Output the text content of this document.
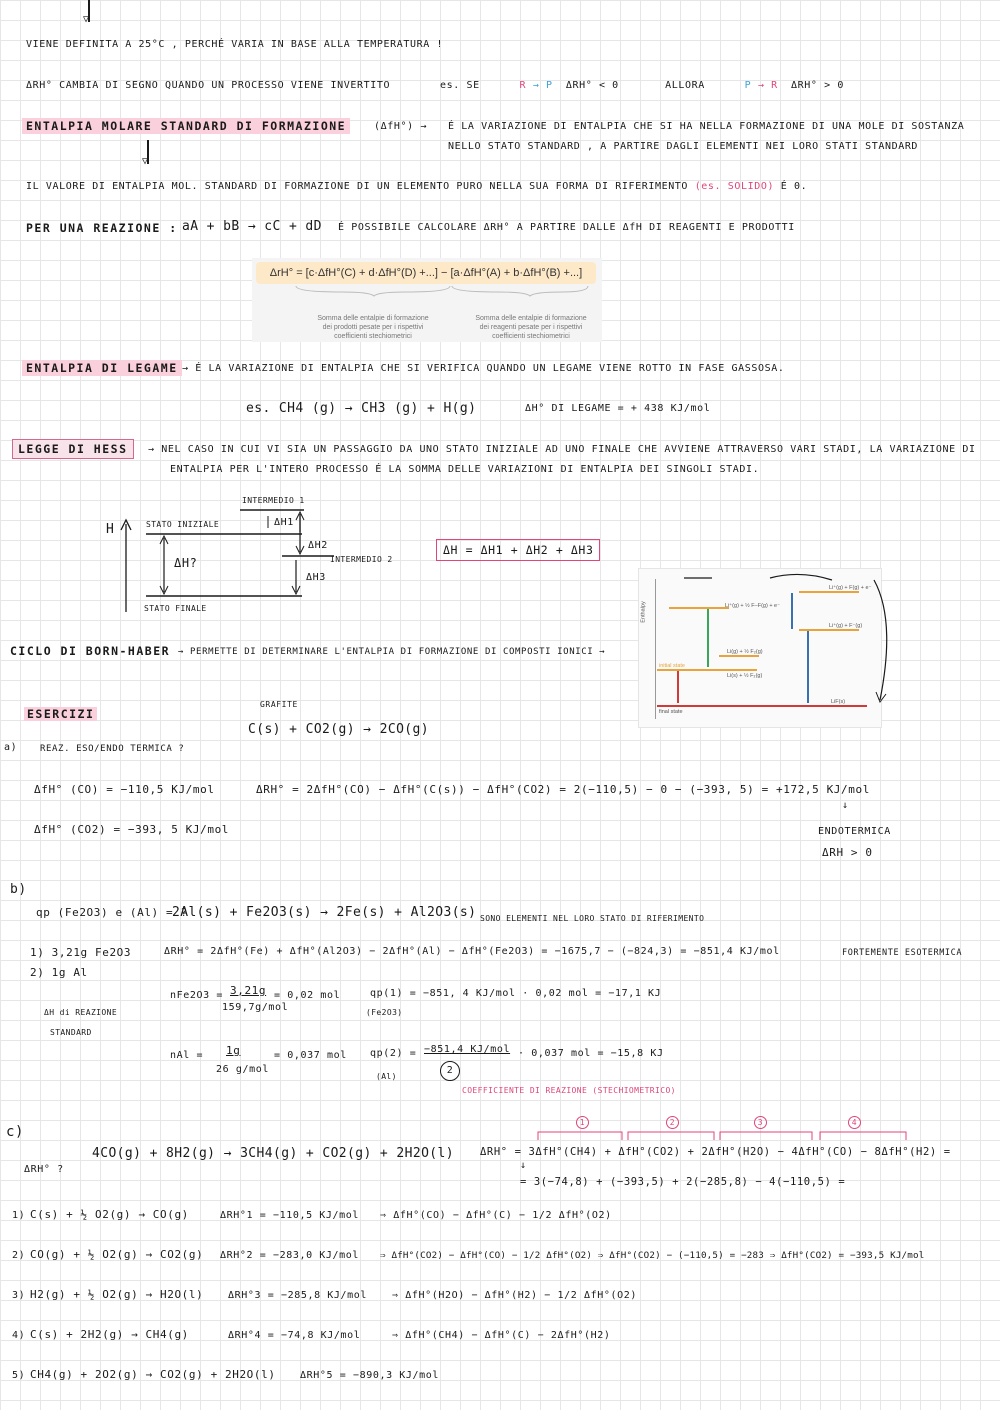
▽
VIENE DEFINITA A 25°C , PERCHÉ VARIA IN BASE ALLA TEMPERATURA !
ΔRH° CAMBIA DI SEGNO QUANDO UN PROCESSO VIENE INVERTITO	es. SE	R → P ΔRH° < 0	ALLORA	P → R ΔRH° > 0
ENTALPIA MOLARE STANDARD DI FORMAZIONE	(ΔfH°) → É LA VARIAZIONE DI ENTALPIA CHE SI HA NELLA FORMAZIONE DI UNA MOLE DI SOSTANZA
NELLO STATO STANDARD , A PARTIRE DAGLI ELEMENTI NEI LORO STATI STANDARD
▽
IL VALORE DI ENTALPIA MOL. STANDARD DI FORMAZIONE DI UN ELEMENTO PURO NELLA SUA FORMA DI RIFERIMENTO (es. SOLIDO) É 0.
PER UNA REAZIONE : aA + bB → cC + dD É POSSIBILE CALCOLARE ΔRH° A PARTIRE DALLE ΔfH DI REAGENTI E PRODOTTI
ΔrH° = [c·ΔfH°(C) + d·ΔfH°(D) +...] − [a·ΔfH°(A) + b·ΔfH°(B) +...]
Somma delle entalpie di formazione
dei prodotti pesate per i rispettivi
coefficienti stechiometrici
Somma delle entalpie di formazione
dei reagenti pesate per i rispettivi
coefficienti stechiometrici
ENTALPIA DI LEGAME → É LA VARIAZIONE DI ENTALPIA CHE SI VERIFICA QUANDO UN LEGAME VIENE ROTTO IN FASE GASSOSA.
es. CH4 (g) → CH3 (g) + H(g)	ΔH° DI LEGAME = + 438 KJ/mol
LEGGE DI HESS	→ NEL CASO IN CUI VI SIA UN PASSAGGIO DA UNO STATO INIZIALE AD UNO FINALE CHE AVVIENE ATTRAVERSO VARI STADI, LA VARIAZIONE DI
ENTALPIA PER L'INTERO PROCESSO É LA SOMMA DELLE VARIAZIONI DI ENTALPIA DEI SINGOLI STADI.
H	STATO INIZIALE
STATO FINALE
INTERMEDIO 1
INTERMEDIO 2
ΔH?
ΔH1
ΔH2
ΔH3
ΔH = ΔH1 + ΔH2 + ΔH3
CICLO DI BORN-HABER → PERMETTE DI DETERMINARE L'ENTALPIA DI FORMAZIONE DI COMPOSTI IONICI →
Enthalpy
Li⁺(g) + F(g) + e⁻
Li⁺(g) + ½ F–F(g) + e⁻
Li⁺(g) + F⁻(g)
Li(g) + ½ F₂(g)
initial state
Li(s) + ½ F₂(g)
final state
LiF(s)
ESERCIZI
GRAFITE
C(s) + CO2(g) → 2CO(g)
a)	REAZ. ESO/ENDO TERMICA ?
ΔfH° (CO) = −110,5 KJ/mol	ΔRH° = 2ΔfH°(CO) − ΔfH°(C(s)) − ΔfH°(CO2) = 2(−110,5) − 0 − (−393, 5) = +172,5 KJ/mol
ΔfH° (CO2) = −393, 5 KJ/mol
↓
ENDOTERMICA
ΔRH > 0
b)
qp (Fe2O3) e (Al) = ?
2Al(s) + Fe2O3(s) → 2Fe(s) + Al2O3(s) SONO ELEMENTI NEL LORO STATO DI RIFERIMENTO
1) 3,21g Fe2O3
2) 1g Al
ΔRH° = 2ΔfH°(Fe) + ΔfH°(Al2O3) − 2ΔfH°(Al) − ΔfH°(Fe2O3) = −1675,7 − (−824,3) = −851,4 KJ/mol	FORTEMENTE ESOTERMICA
ΔH di REAZIONE
STANDARD
nFe2O3 = 3,21g
159,7g/mol
= 0,02 mol	qp(1) = −851, 4 KJ/mol · 0,02 mol = −17,1 KJ
(Fe2O3)
nAl = 1g
26 g/mol
= 0,037 mol qp(2) = −851,4 KJ/mol · 0,037 mol = −15,8 KJ
(Al)
2
COEFFICIENTE DI REAZIONE (STECHIOMETRICO)
c)
ΔRH° ?
4CO(g) + 8H2(g) → 3CH4(g) + CO2(g) + 2H2O(l) ΔRH° = 3ΔfH°(CH4) + ΔfH°(CO2) + 2ΔfH°(H2O) − 4ΔfH°(CO) − 8ΔfH°(H2) =
↓
= 3(−74,8) + (−393,5) + 2(−285,8) − 4(−110,5) =
1	2	3	4
1) C(s) + ½ O2(g) → CO(g)	ΔRH°1 = −110,5 KJ/mol ⇒ ΔfH°(CO) − ΔfH°(C) − 1/2 ΔfH°(O2)
2) CO(g) + ½ O2(g) → CO2(g) ΔRH°2 = −283,0 KJ/mol ⇒ ΔfH°(CO2) − ΔfH°(CO) − 1/2 ΔfH°(O2) ⇒ ΔfH°(CO2) − (−110,5) = −283 ⇒ ΔfH°(CO2) = −393,5 KJ/mol
3) H2(g) + ½ O2(g) → H2O(l) ΔRH°3 = −285,8 KJ/mol ⇒ ΔfH°(H2O) − ΔfH°(H2) − 1/2 ΔfH°(O2)
4) C(s) + 2H2(g) → CH4(g)	ΔRH°4 = −74,8 KJ/mol	⇒ ΔfH°(CH4) − ΔfH°(C) − 2ΔfH°(H2)
5) CH4(g) + 2O2(g) → CO2(g) + 2H2O(l) ΔRH°5 = −890,3 KJ/mol
